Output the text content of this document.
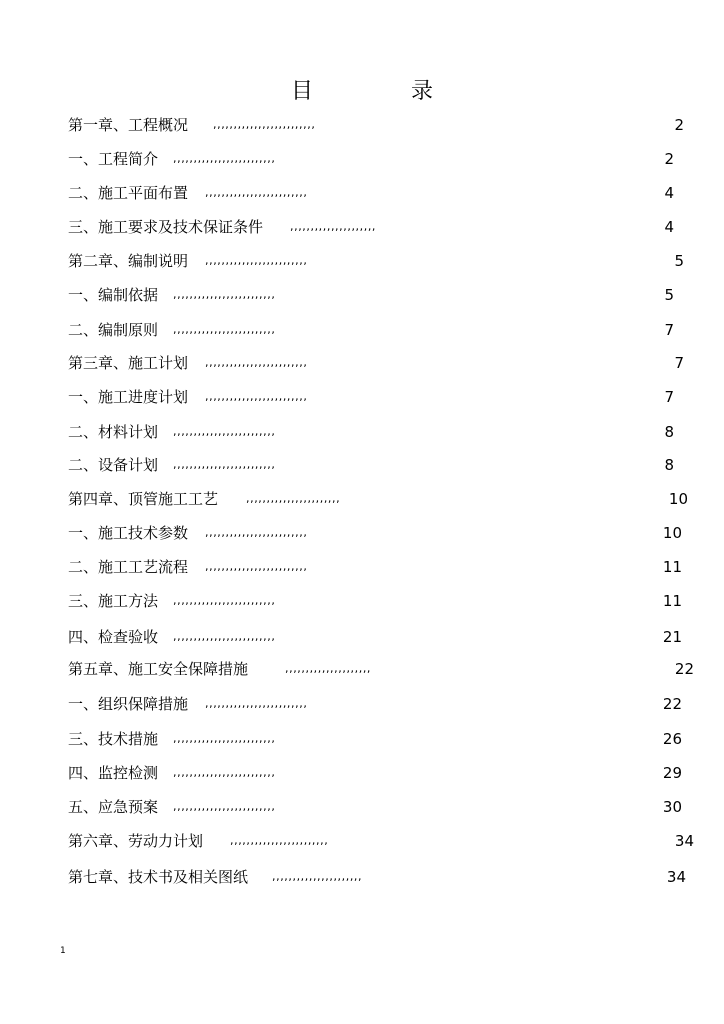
目　录
第一章、工程概况 ,,,,,,,,,,,,,,,,,,,,,,,,,	2
一、工程简介 ,,,,,,,,,,,,,,,,,,,,,,,,,	2
二、施工平面布置 ,,,,,,,,,,,,,,,,,,,,,,,,,	4
三、施工要求及技术保证条件 ,,,,,,,,,,,,,,,,,,,,,	4
第二章、编制说明 ,,,,,,,,,,,,,,,,,,,,,,,,,	5
一、编制依据 ,,,,,,,,,,,,,,,,,,,,,,,,,	5
二、编制原则 ,,,,,,,,,,,,,,,,,,,,,,,,,	7
第三章、施工计划 ,,,,,,,,,,,,,,,,,,,,,,,,,	7
一、施工进度计划 ,,,,,,,,,,,,,,,,,,,,,,,,,	7
二、材料计划 ,,,,,,,,,,,,,,,,,,,,,,,,,	8
二、设备计划 ,,,,,,,,,,,,,,,,,,,,,,,,,	8
第四章、顶管施工工艺	,,,,,,,,,,,,,,,,,,,,,,,	10
一、施工技术参数 ,,,,,,,,,,,,,,,,,,,,,,,,,	10
二、施工工艺流程 ,,,,,,,,,,,,,,,,,,,,,,,,,	11
三、施工方法 ,,,,,,,,,,,,,,,,,,,,,,,,,	11
四、检查验收 ,,,,,,,,,,,,,,,,,,,,,,,,,	21
第五章、施工安全保障措施	,,,,,,,,,,,,,,,,,,,,,	22
一、组织保障措施 ,,,,,,,,,,,,,,,,,,,,,,,,,	22
三、技术措施 ,,,,,,,,,,,,,,,,,,,,,,,,,	26
四、监控检测 ,,,,,,,,,,,,,,,,,,,,,,,,,	29
五、应急预案 ,,,,,,,,,,,,,,,,,,,,,,,,,	30
第六章、劳动力计划 ,,,,,,,,,,,,,,,,,,,,,,,,	34
第七章、技术书及相关图纸 ,,,,,,,,,,,,,,,,,,,,,,	34
1
